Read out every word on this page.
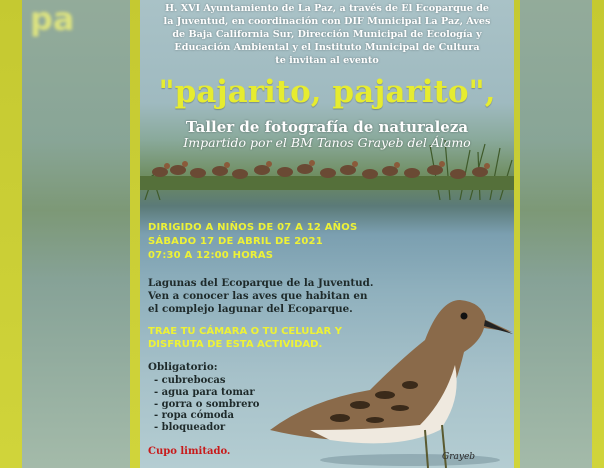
pa	H. XVI Ayuntamiento de La Paz, a través de El Ecoparque de
la Juventud, en coordinación con DIF Municipal La Paz, Aves
de Baja California Sur, Dirección Municipal de Ecología y
Educación Ambiental y el Instituto Municipal de Cultura
te invitan al evento
"pajarito, pajarito",
Taller de fotografía de naturaleza
Impartido por el BM Tanos Grayeb del Álamo
DIRIGIDO A NIÑOS DE 07 A 12 AÑOS
SÁBADO 17 DE ABRIL DE 2021
07:30 A 12:00 HORAS
Lagunas del Ecoparque de la Juventud.
Ven a conocer las aves que habitan en
el complejo lagunar del Ecoparque.
TRAE TU CÁMARA O TU CELULAR Y
DISFRUTA DE ESTA ACTIVIDAD.
Obligatorio:
- cubrebocas
- agua para tomar
- gorra o sombrero
- ropa cómoda
- bloqueador
Cupo limitado.	Grayeb
